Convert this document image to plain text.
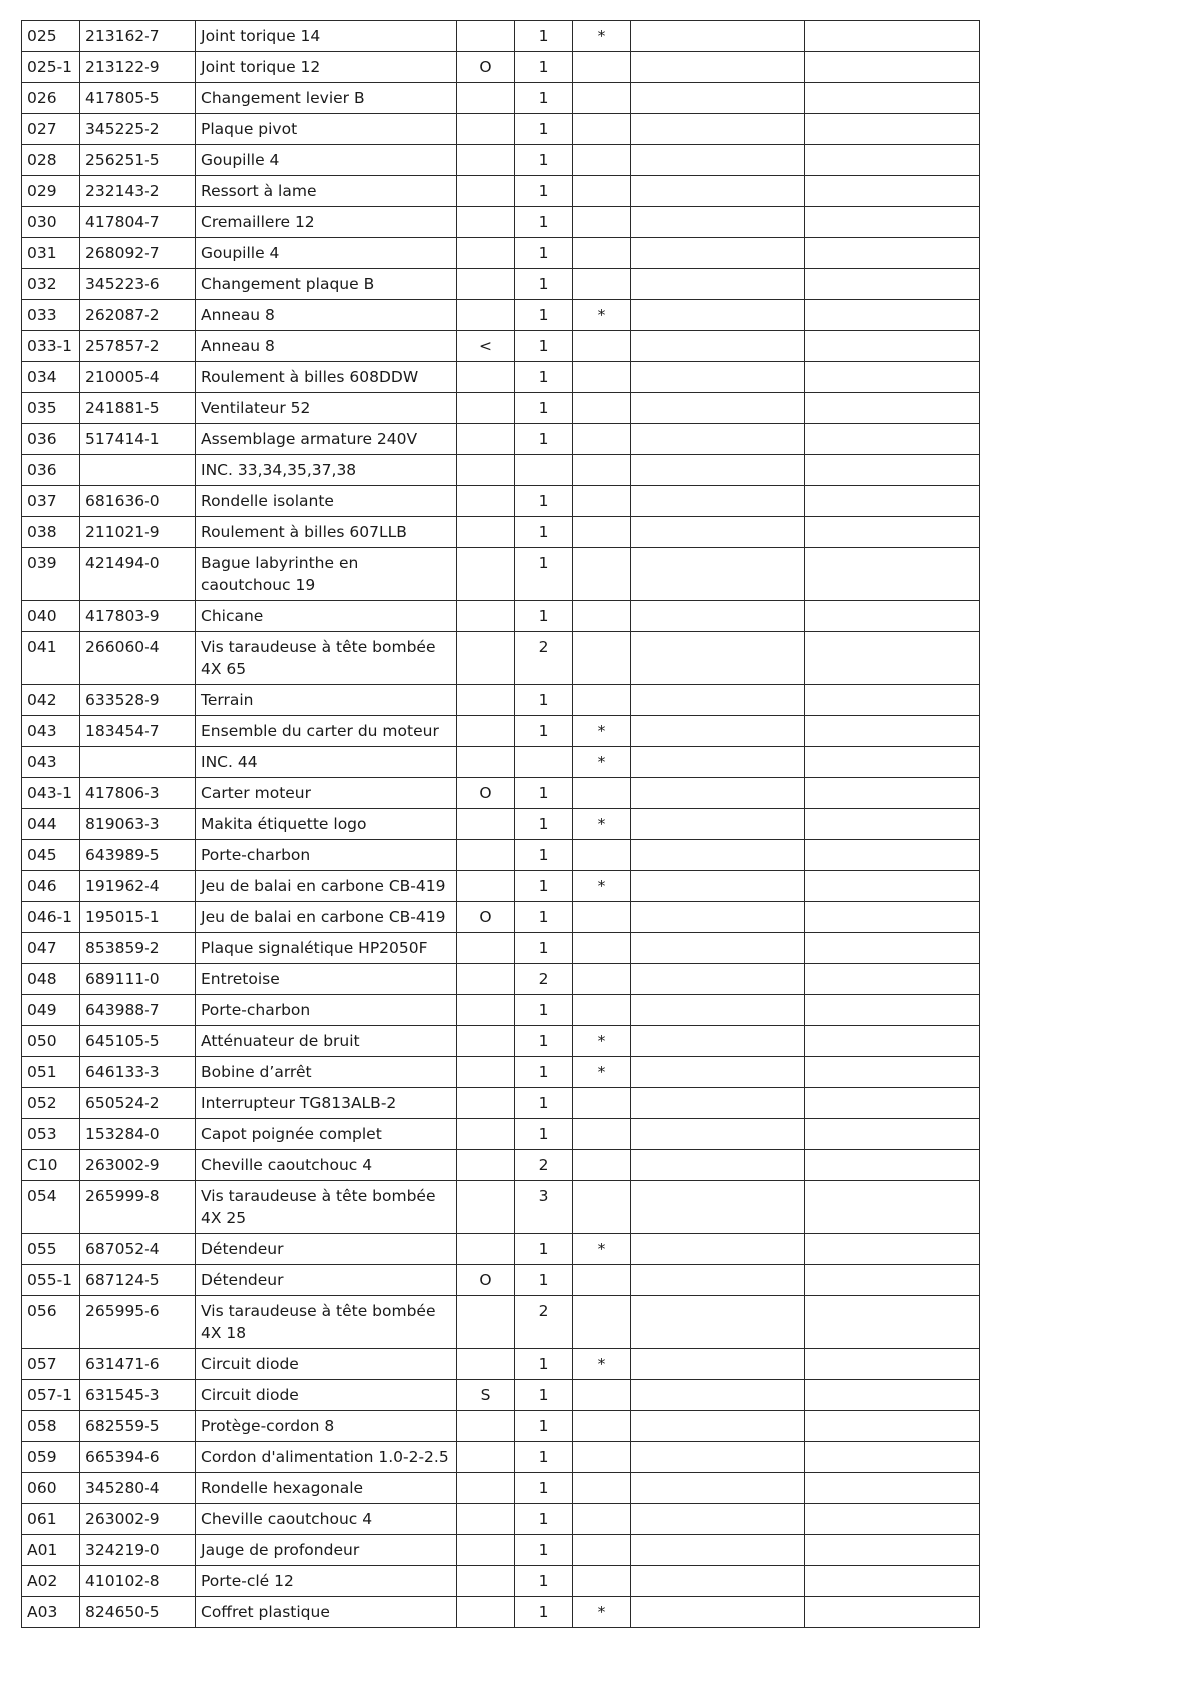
025	213162-7	Joint torique 14		1	*		
025-1	213122-9	Joint torique 12	O	1			
026	417805-5	Changement levier B		1			
027	345225-2	Plaque pivot		1			
028	256251-5	Goupille 4		1			
029	232143-2	Ressort à lame		1			
030	417804-7	Cremaillere 12		1			
031	268092-7	Goupille 4		1			
032	345223-6	Changement plaque B		1			
033	262087-2	Anneau 8		1	*		
033-1	257857-2	Anneau 8	<	1			
034	210005-4	Roulement à billes 608DDW		1			
035	241881-5	Ventilateur 52		1			
036	517414-1	Assemblage armature 240V		1			
036		INC. 33,34,35,37,38					
037	681636-0	Rondelle isolante		1			
038	211021-9	Roulement à billes 607LLB		1			
039	421494-0	Bague labyrinthe en caoutchouc 19		1			
040	417803-9	Chicane		1			
041	266060-4	Vis taraudeuse à tête bombée 4X 65		2			
042	633528-9	Terrain		1			
043	183454-7	Ensemble du carter du moteur		1	*		
043		INC. 44			*		
043-1	417806-3	Carter moteur	O	1			
044	819063-3	Makita étiquette logo		1	*		
045	643989-5	Porte-charbon		1			
046	191962-4	Jeu de balai en carbone CB-419		1	*		
046-1	195015-1	Jeu de balai en carbone CB-419	O	1			
047	853859-2	Plaque signalétique HP2050F		1			
048	689111-0	Entretoise		2			
049	643988-7	Porte-charbon		1			
050	645105-5	Atténuateur de bruit		1	*		
051	646133-3	Bobine d’arrêt		1	*		
052	650524-2	Interrupteur TG813ALB-2		1			
053	153284-0	Capot poignée complet		1			
C10	263002-9	Cheville caoutchouc 4		2			
054	265999-8	Vis taraudeuse à tête bombée 4X 25		3			
055	687052-4	Détendeur		1	*		
055-1	687124-5	Détendeur	O	1			
056	265995-6	Vis taraudeuse à tête bombée 4X 18		2			
057	631471-6	Circuit diode		1	*		
057-1	631545-3	Circuit diode	S	1			
058	682559-5	Protège-cordon 8		1			
059	665394-6	Cordon d'alimentation 1.0-2-2.5		1			
060	345280-4	Rondelle hexagonale		1			
061	263002-9	Cheville caoutchouc 4		1			
A01	324219-0	Jauge de profondeur		1			
A02	410102-8	Porte-clé 12		1			
A03	824650-5	Coffret plastique		1	*		
